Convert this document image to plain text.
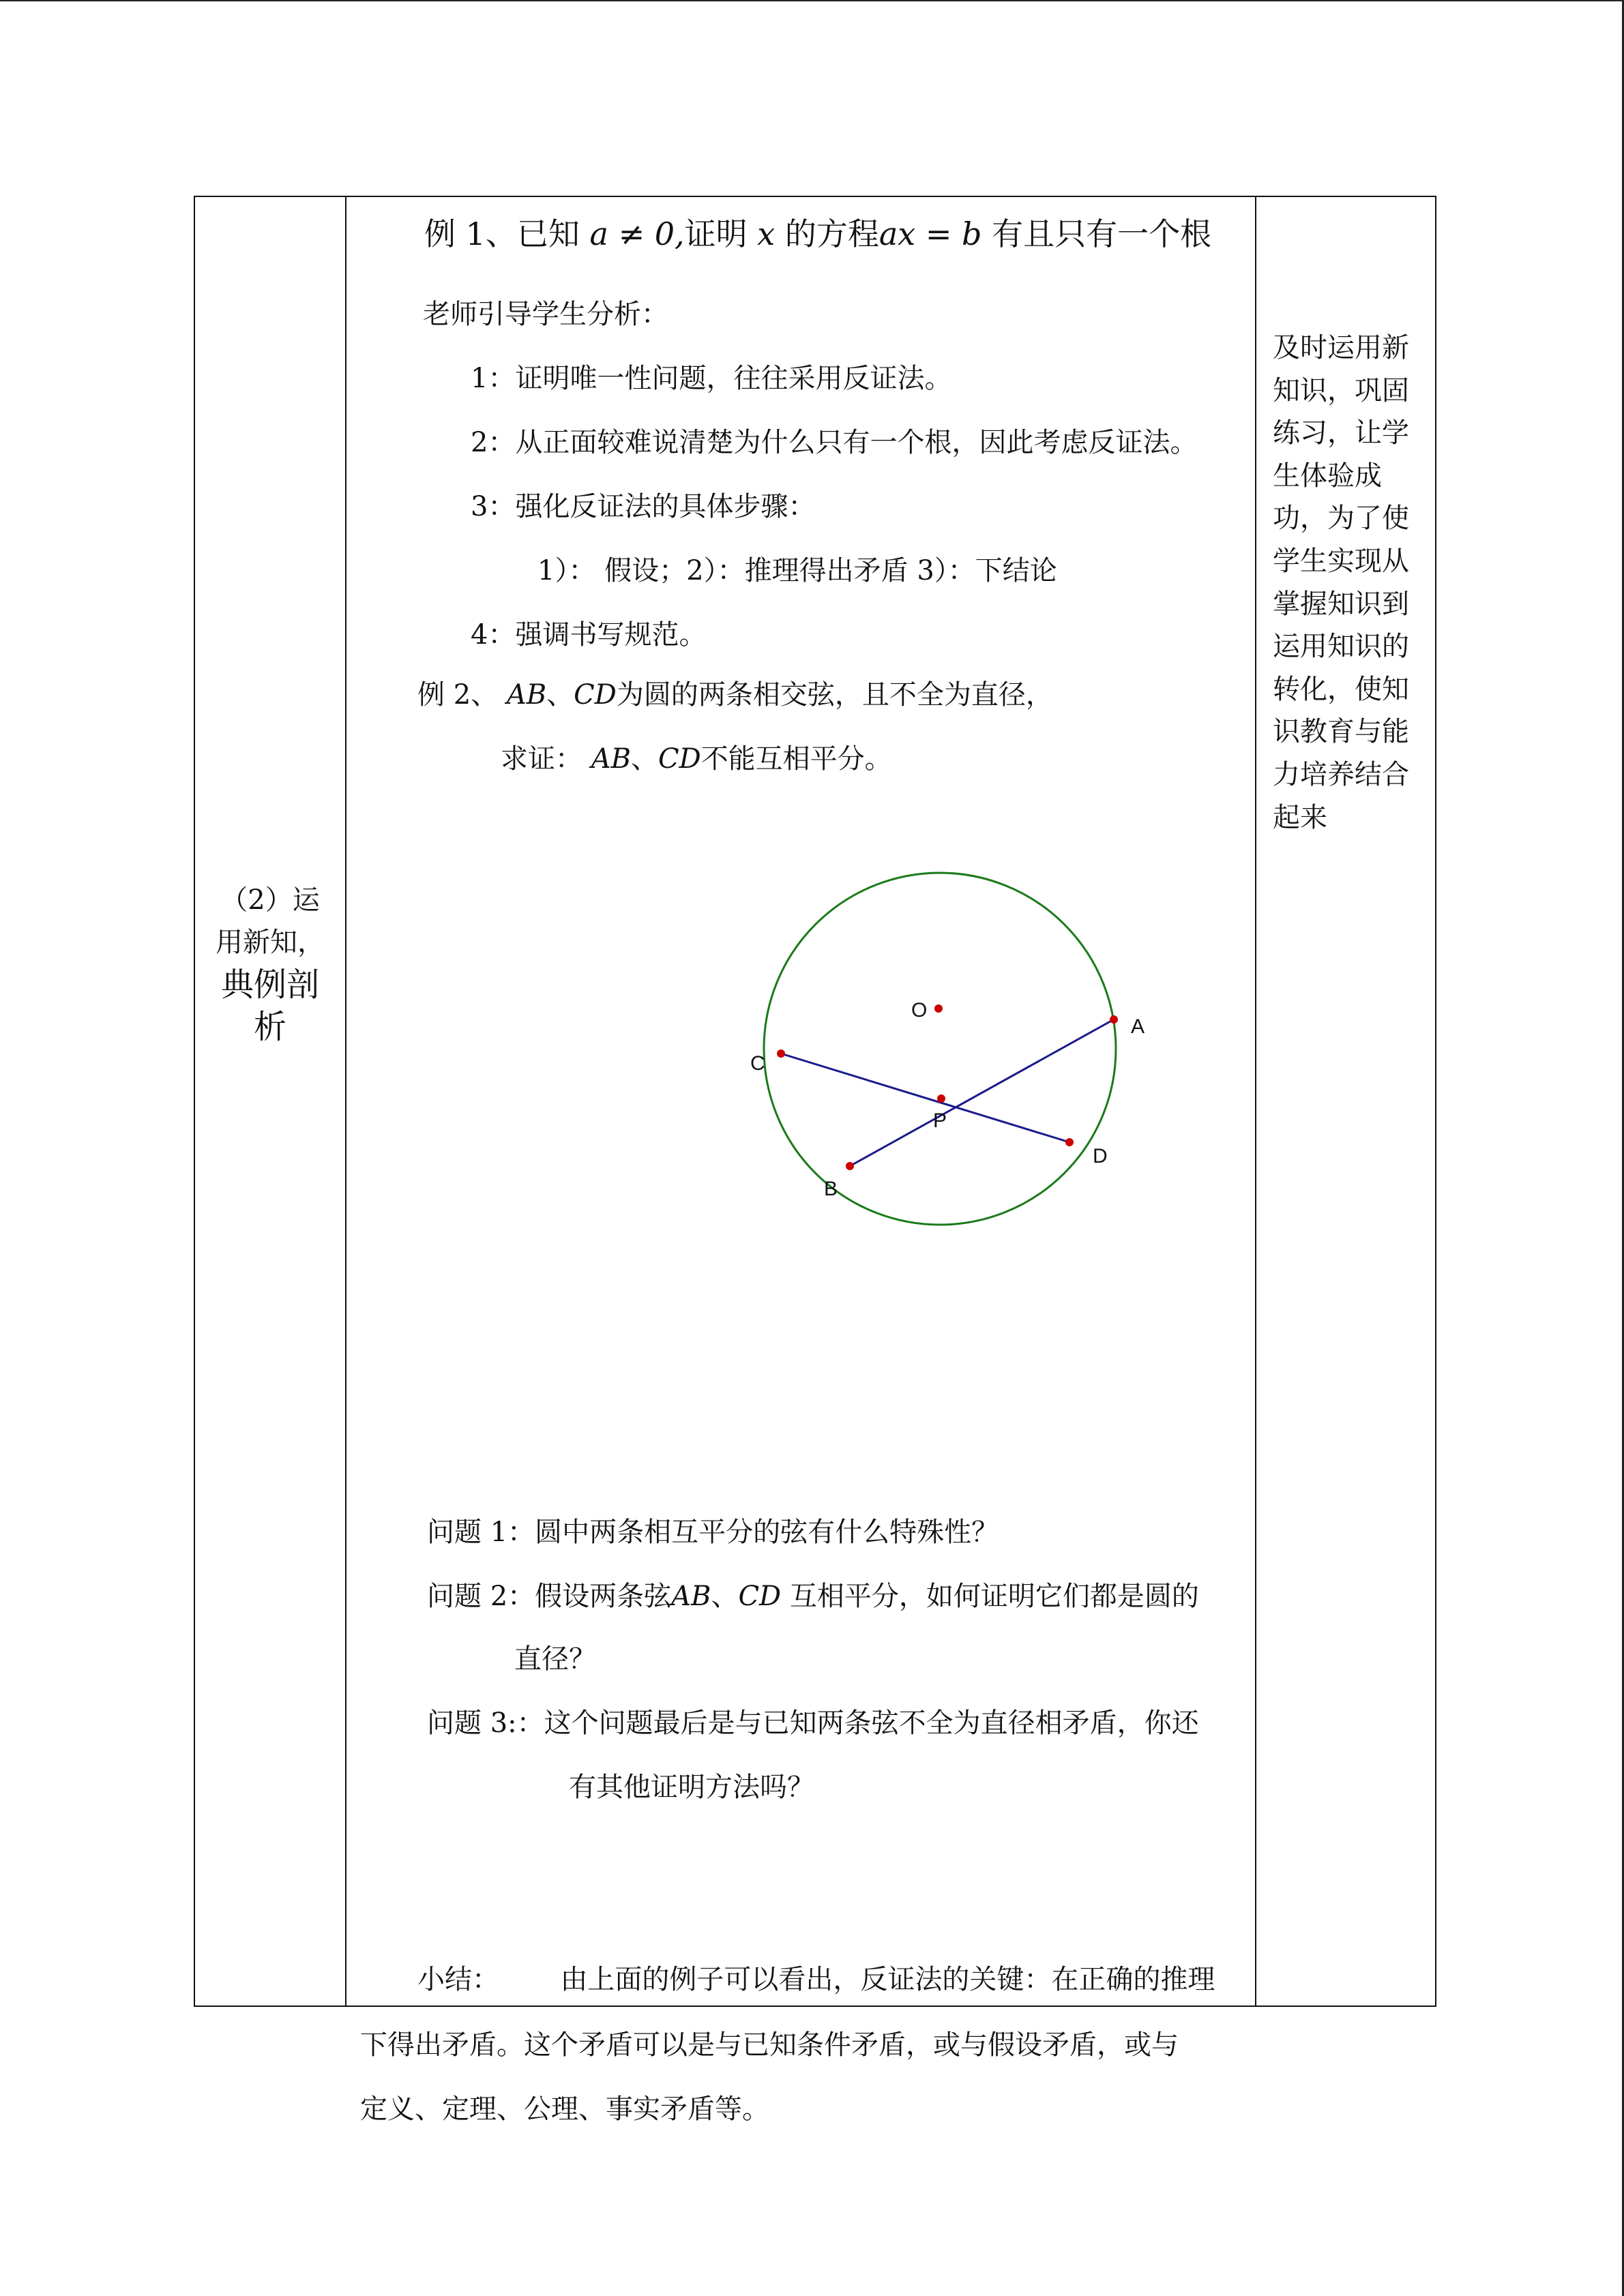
（2）运
用新知，
典例剖
析

例 1、已知 a ≠ 0,证明 x 的方程ax = b 有且只有一个根
老师引导学生分析：
1：证明唯一性问题，往往采用反证法。
2：从正面较难说清楚为什么只有一个根，因此考虑反证法。
3：强化反证法的具体步骤：
1）： 假设；2）：推理得出矛盾 3）：下结论
4：强调书写规范。
例 2、 AB、CD为圆的两条相交弦，且不全为直径，
求证： AB、CD不能互相平分。
O
A
B
C
D
P
问题 1：圆中两条相互平分的弦有什么特殊性？
问题 2：假设两条弦AB、CD 互相平分，如何证明它们都是圆的
直径？
问题 3:：这个问题最后是与已知两条弦不全为直径相矛盾，你还
有其他证明方法吗？
小结： 由上面的例子可以看出，反证法的关键：在正确的推理
下得出矛盾。这个矛盾可以是与已知条件矛盾，或与假设矛盾，或与
定义、定理、公理、事实矛盾等。

及时运用新
知识，巩固
练习，让学
生体验成
功，为了使
学生实现从
掌握知识到
运用知识的
转化，使知
识教育与能
力培养结合
起来
